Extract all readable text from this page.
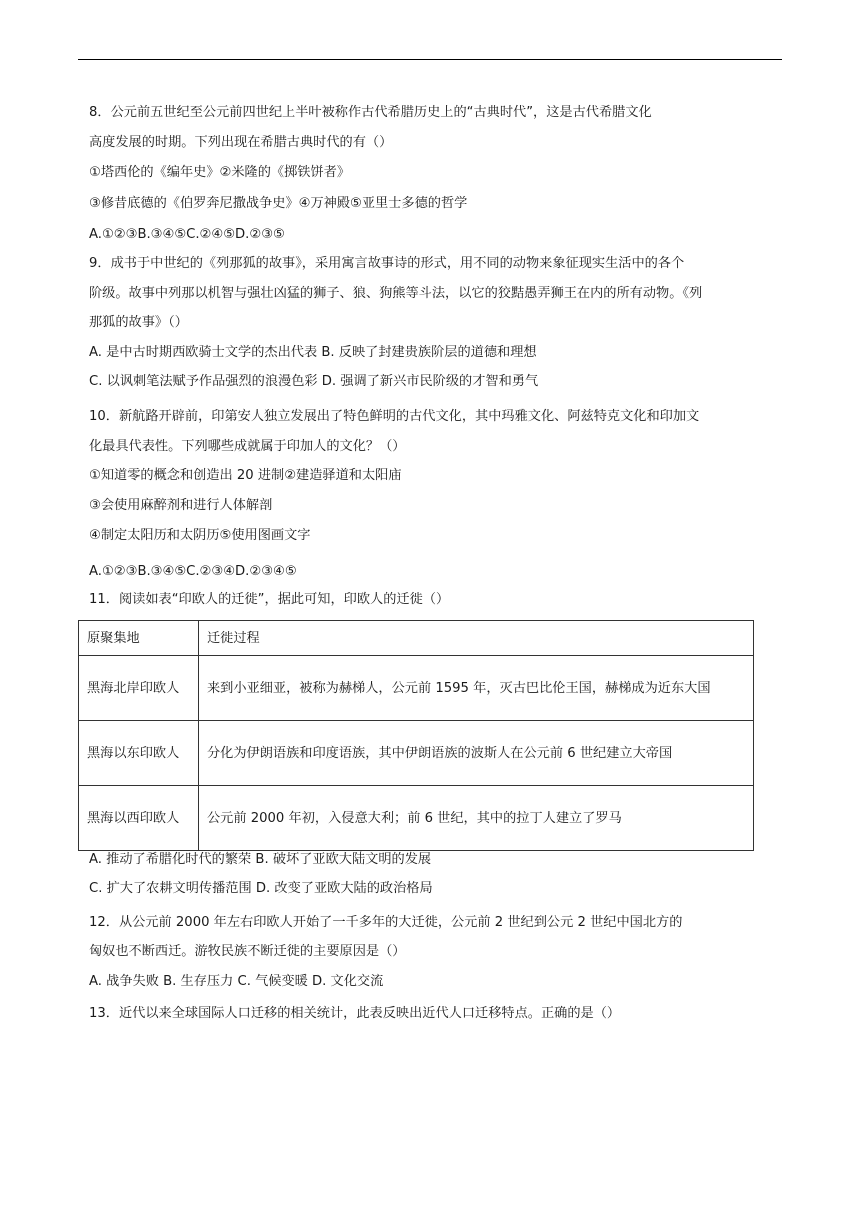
8．公元前五世纪至公元前四世纪上半叶被称作古代希腊历史上的“古典时代”，这是古代希腊文化
高度发展的时期。下列出现在希腊古典时代的有（）
①塔西伦的《编年史》②米隆的《掷铁饼者》
③修昔底德的《伯罗奔尼撒战争史》④万神殿⑤亚里士多德的哲学
A.①②③B.③④⑤C.②④⑤D.②③⑤
9．成书于中世纪的《列那狐的故事》，采用寓言故事诗的形式，用不同的动物来象征现实生活中的各个
阶级。故事中列那以机智与强壮凶猛的狮子、狼、狗熊等斗法，以它的狡黠愚弄狮王在内的所有动物。《列
那狐的故事》（）
A. 是中古时期西欧骑士文学的杰出代表 B. 反映了封建贵族阶层的道德和理想
C. 以讽刺笔法赋予作品强烈的浪漫色彩 D. 强调了新兴市民阶级的才智和勇气
10．新航路开辟前，印第安人独立发展出了特色鲜明的古代文化，其中玛雅文化、阿兹特克文化和印加文
化最具代表性。下列哪些成就属于印加人的文化？（）
①知道零的概念和创造出 20 进制②建造驿道和太阳庙
③会使用麻醉剂和进行人体解剖
④制定太阳历和太阴历⑤使用图画文字
A.①②③B.③④⑤C.②③④D.②③④⑤
11．阅读如表“印欧人的迁徙”，据此可知，印欧人的迁徙（）
原聚集地	迁徙过程
黑海北岸印欧人	来到小亚细亚，被称为赫梯人，公元前 1595 年，灭古巴比伦王国，赫梯成为近东大国
黑海以东印欧人	分化为伊朗语族和印度语族，其中伊朗语族的波斯人在公元前 6 世纪建立大帝国
黑海以西印欧人	公元前 2000 年初，入侵意大利；前 6 世纪，其中的拉丁人建立了罗马
A. 推动了希腊化时代的繁荣 B. 破坏了亚欧大陆文明的发展
C. 扩大了农耕文明传播范围 D. 改变了亚欧大陆的政治格局
12．从公元前 2000 年左右印欧人开始了一千多年的大迁徙，公元前 2 世纪到公元 2 世纪中国北方的
匈奴也不断西迁。游牧民族不断迁徙的主要原因是（）
A. 战争失败 B. 生存压力 C. 气候变暖 D. 文化交流
13．近代以来全球国际人口迁移的相关统计，此表反映出近代人口迁移特点。正确的是（）
